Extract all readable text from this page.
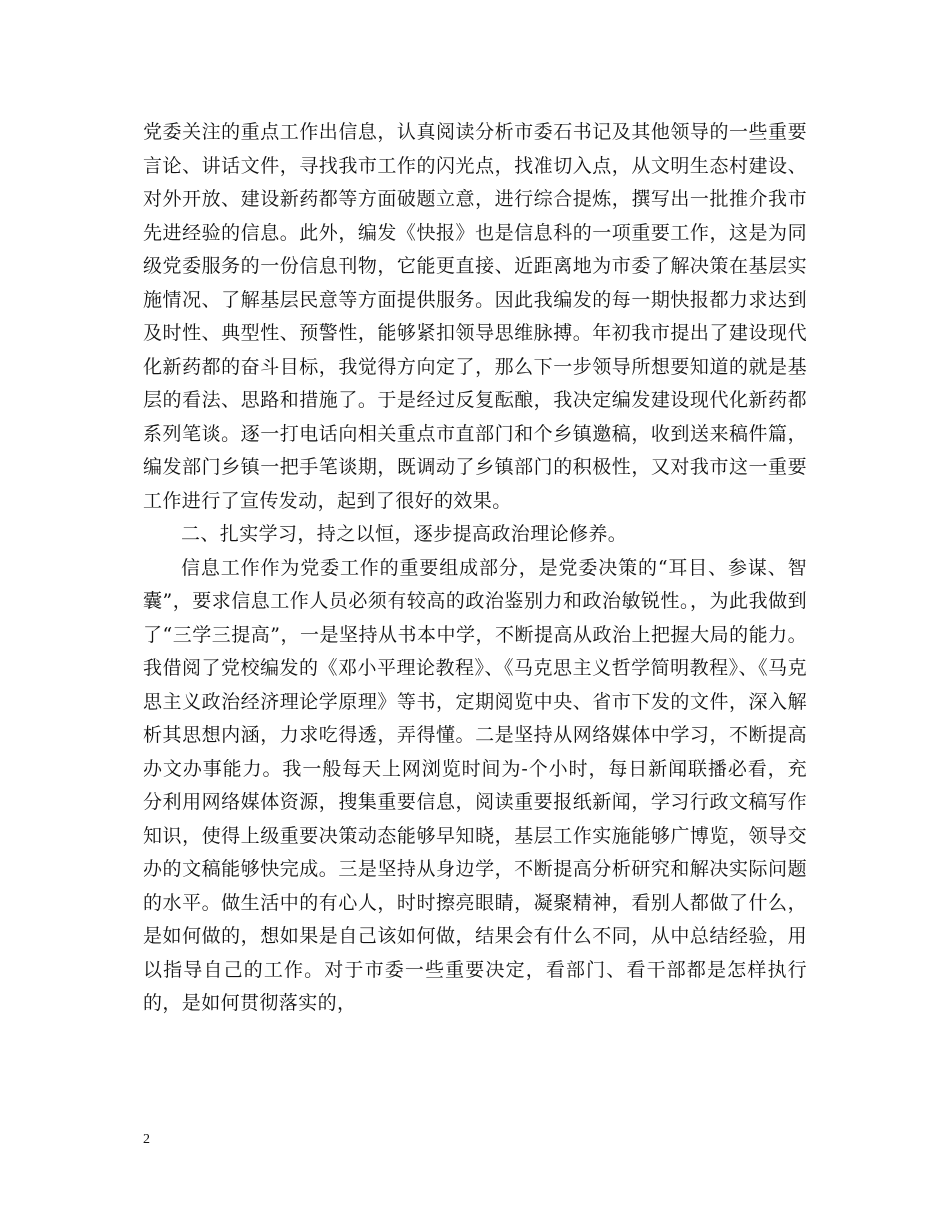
党委关注的重点工作出信息，认真阅读分析市委石书记及其他领导的一些重要言论、讲话文件，寻找我市工作的闪光点，找准切入点，从文明生态村建设、对外开放、建设新药都等方面破题立意，进行综合提炼，撰写出一批推介我市先进经验的信息。此外，编发《快报》也是信息科的一项重要工作，这是为同级党委服务的一份信息刊物，它能更直接、近距离地为市委了解决策在基层实施情况、了解基层民意等方面提供服务。因此我编发的每一期快报都力求达到及时性、典型性、预警性，能够紧扣领导思维脉搏。年初我市提出了建设现代化新药都的奋斗目标，我觉得方向定了，那么下一步领导所想要知道的就是基层的看法、思路和措施了。于是经过反复酝酿，我决定编发建设现代化新药都系列笔谈。逐一打电话向相关重点市直部门和个乡镇邀稿，收到送来稿件篇，编发部门乡镇一把手笔谈期，既调动了乡镇部门的积极性，又对我市这一重要工作进行了宣传发动，起到了很好的效果。

二、扎实学习，持之以恒，逐步提高政治理论修养。

信息工作作为党委工作的重要组成部分，是党委决策的“耳目、参谋、智囊”，要求信息工作人员必须有较高的政治鉴别力和政治敏锐性。，为此我做到了“三学三提高”，一是坚持从书本中学，不断提高从政治上把握大局的能力。我借阅了党校编发的《邓小平理论教程》、《马克思主义哲学简明教程》、《马克思主义政治经济理论学原理》等书，定期阅览中央、省市下发的文件，深入解析其思想内涵，力求吃得透，弄得懂。二是坚持从网络媒体中学习，不断提高办文办事能力。我一般每天上网浏览时间为-个小时，每日新闻联播必看，充分利用网络媒体资源，搜集重要信息，阅读重要报纸新闻，学习行政文稿写作知识，使得上级重要决策动态能够早知晓，基层工作实施能够广博览，领导交办的文稿能够快完成。三是坚持从身边学，不断提高分析研究和解决实际问题的水平。做生活中的有心人，时时擦亮眼睛，凝聚精神，看别人都做了什么，是如何做的，想如果是自己该如何做，结果会有什么不同，从中总结经验，用以指导自己的工作。对于市委一些重要决定，看部门、看干部都是怎样执行的，是如何贯彻落实的，

2
